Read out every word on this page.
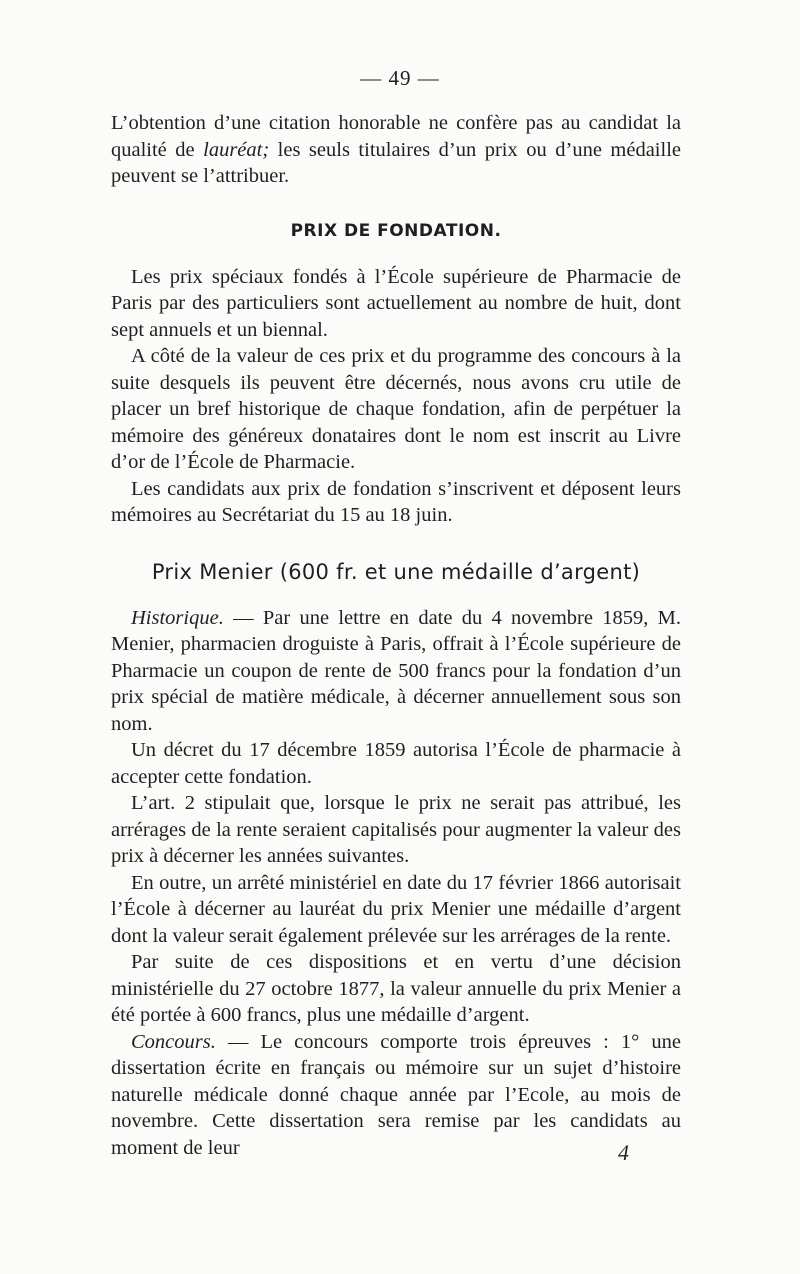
— 49 —

L’obtention d’une citation honorable ne confère pas au candidat la qualité de lauréat; les seuls titulaires d’un prix ou d’une médaille peuvent se l’attribuer.

PRIX DE FONDATION.

Les prix spéciaux fondés à l’École supérieure de Pharmacie de Paris par des particuliers sont actuellement au nombre de huit, dont sept annuels et un biennal.

A côté de la valeur de ces prix et du programme des concours à la suite desquels ils peuvent être décernés, nous avons cru utile de placer un bref historique de chaque fondation, afin de perpétuer la mémoire des généreux donataires dont le nom est inscrit au Livre d’or de l’École de Pharmacie.

Les candidats aux prix de fondation s’inscrivent et déposent leurs mémoires au Secrétariat du 15 au 18 juin.

Prix Menier (600 fr. et une médaille d’argent)

Historique. — Par une lettre en date du 4 novembre 1859, M. Menier, pharmacien droguiste à Paris, offrait à l’École supérieure de Pharmacie un coupon de rente de 500 francs pour la fondation d’un prix spécial de matière médicale, à décerner annuellement sous son nom.

Un décret du 17 décembre 1859 autorisa l’École de pharmacie à accepter cette fondation.

L’art. 2 stipulait que, lorsque le prix ne serait pas attribué, les arrérages de la rente seraient capitalisés pour augmenter la valeur des prix à décerner les années suivantes.

En outre, un arrêté ministériel en date du 17 février 1866 autorisait l’École à décerner au lauréat du prix Menier une médaille d’argent dont la valeur serait également prélevée sur les arrérages de la rente.

Par suite de ces dispositions et en vertu d’une décision ministérielle du 27 octobre 1877, la valeur annuelle du prix Menier a été portée à 600 francs, plus une médaille d’argent.

Concours. — Le concours comporte trois épreuves : 1° une dissertation écrite en français ou mémoire sur un sujet d’histoire naturelle médicale donné chaque année par l’Ecole, au mois de novembre. Cette dissertation sera remise par les candidats au moment de leur	4
